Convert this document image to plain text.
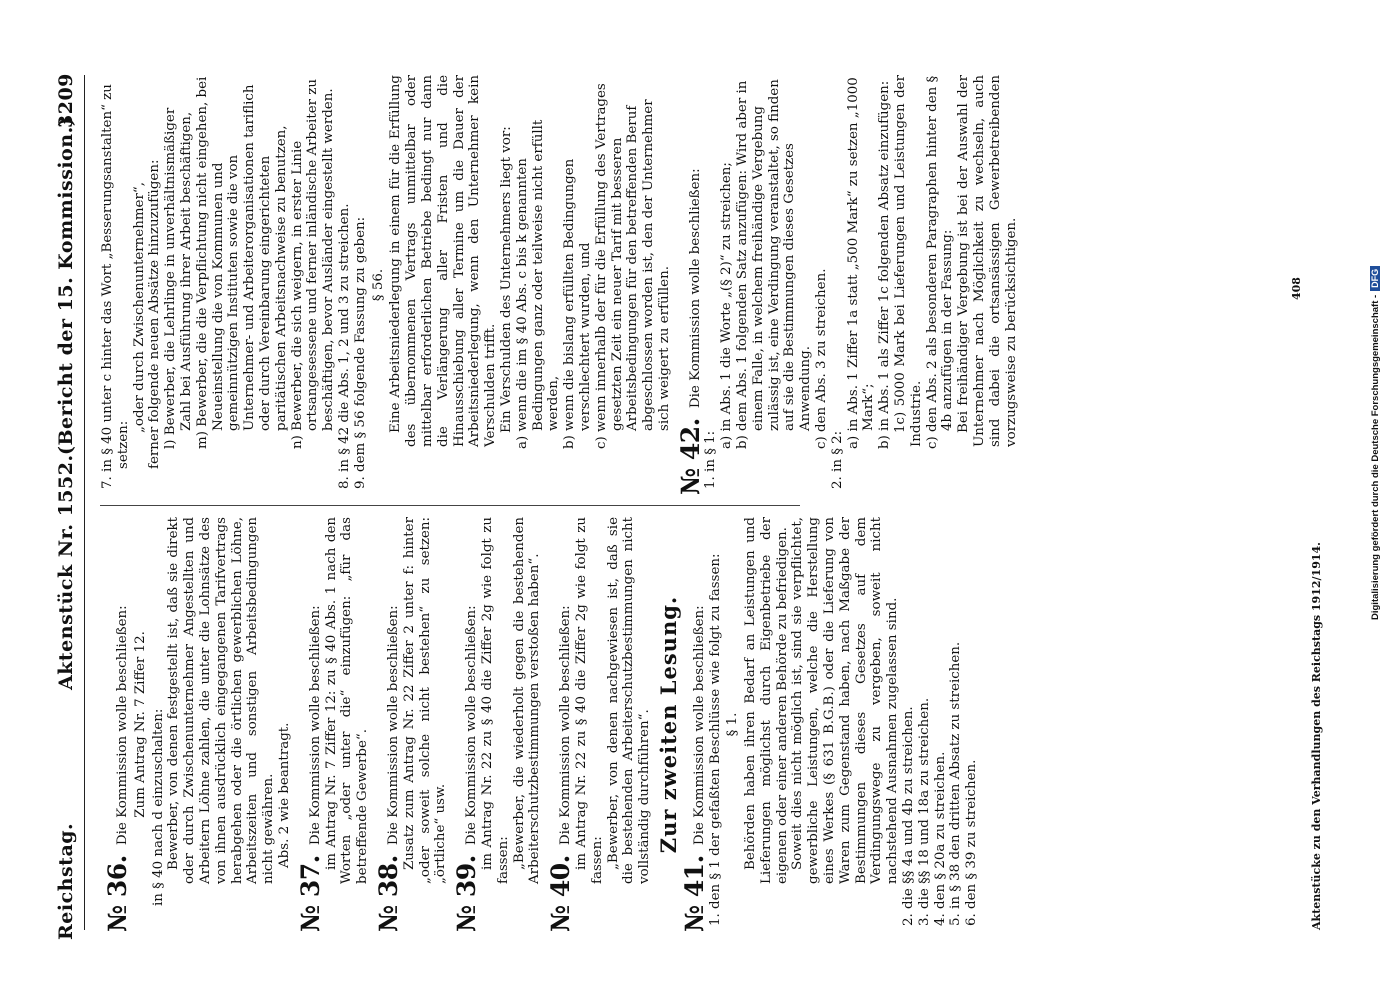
Reichstag.
Aktenstück Nr. 1552.
(Bericht der 15. Kommission.)
3209
№ 36.Die Kommission wolle beschließen: Zum Antrag Nr. 7 Ziffer 12. in § 40 nach d einzuschalten: Bewerber, von denen festgestellt ist, daß sie direkt oder durch Zwischenunternehmer Angestellten und Arbeitern Löhne zahlen, die unter die Lohnsätze des von ihnen ausdrücklich eingegangenen Tarifvertrags herabgehen oder die örtlichen gewerblichen Löhne, Arbeitszeiten und sonstigen Arbeitsbedingungen nicht gewähren. Abs. 2 wie beantragt.
№ 37.Die Kommission wolle beschließen: im Antrag Nr. 7 Ziffer 12: zu § 40 Abs. 1 nach den Worten „oder unter die“ einzufügen: „für das betreffende Gewerbe“.
№ 38.Die Kommission wolle beschließen: Zusatz zum Antrag Nr. 22 Ziffer 2 unter f: hinter „oder soweit solche nicht bestehen“ zu setzen: „örtliche“ usw.
№ 39.Die Kommission wolle beschließen: im Antrag Nr. 22 zu § 40 die Ziffer 2g wie folgt zu fassen: „Bewerber, die wiederholt gegen die bestehenden Arbeiterschutzbestimmungen verstoßen haben“.
№ 40.Die Kommission wolle beschließen: im Antrag Nr. 22 zu § 40 die Ziffer 2g wie folgt zu fassen: „Bewerber, von denen nachgewiesen ist, daß sie die bestehenden Arbeiterschutzbestimmungen nicht vollständig durchführen“. Zur zweiten Lesung.
№ 41.Die Kommission wolle beschließen: 1. den § 1 der gefaßten Beschlüsse wie folgt zu fassen: § 1. Behörden haben ihren Bedarf an Leistungen und Lieferungen möglichst durch Eigenbetriebe der eigenen oder einer anderen Behörde zu befriedigen. Soweit dies nicht möglich ist, sind sie verpflichtet, gewerbliche Leistungen, welche die Herstellung eines Werkes (§ 631 B.G.B.) oder die Lieferung von Waren zum Gegenstand haben, nach Maßgabe der Bestimmungen dieses Gesetzes auf dem Verdingungswege zu vergeben, soweit nicht nachstehend Ausnahmen zugelassen sind. 2. die §§ 4a und 4b zu streichen. 3. die §§ 18 und 18a zu streichen. 4. den § 20a zu streichen. 5. in § 38 den dritten Absatz zu streichen. 6. den § 39 zu streichen.
7. in § 40 unter c hinter das Wort „Besserungsanstalten“ zu setzen:
„oder durch Zwischenunternehmer“, ferner folgende neuen Absätze hinzuzufügen: l) Bewerber, die Lehrlinge in unverhältnismäßiger Zahl bei Ausführung ihrer Arbeit beschäftigen, m) Bewerber, die die Verpflichtung nicht eingehen, bei Neueinstellung die von Kommunen und gemeinnützigen Instituten sowie die von Unternehmer- und Arbeiterorganisationen tariflich oder durch Vereinbarung eingerichteten paritätischen Arbeitsnachweise zu benutzen, n) Bewerber, die sich weigern, in erster Linie ortsangesessene und ferner inländische Arbeiter zu beschäftigen, bevor Ausländer eingestellt werden. 8. in § 42 die Abs. 1, 2 und 3 zu streichen. 9. dem § 56 folgende Fassung zu geben: § 56. Eine Arbeitsniederlegung in einem für die Erfüllung des übernommenen Vertrags unmittelbar oder mittelbar erforderlichen Betriebe bedingt nur dann die Verlängerung aller Fristen und die Hinausschiebung aller Termine um die Dauer der Arbeitsniederlegung, wenn den Unternehmer kein Verschulden trifft. Ein Verschulden des Unternehmers liegt vor: a) wenn die im § 40 Abs. c bis k genannten Bedingungen ganz oder teilweise nicht erfüllt werden, b) wenn die bislang erfüllten Bedingungen verschlechtert wurden, und c) wenn innerhalb der für die Erfüllung des Vertrages gesetzten Zeit ein neuer Tarif mit besseren Arbeitsbedingungen für den betreffenden Beruf abgeschlossen worden ist, den der Unternehmer sich weigert zu erfüllen.
№ 42.Die Kommission wolle beschließen:
1. in § 1:
a) in Abs. 1 die Worte „(§ 2)“ zu streichen; b) dem Abs. 1 folgenden Satz anzufügen: Wird aber in einem Falle, in welchem freihändige Vergebung zulässig ist, eine Verdingung veranstaltet, so finden auf sie die Bestimmungen dieses Gesetzes Anwendung. c) den Abs. 3 zu streichen.
2. in § 2:
a) in Abs. 1 Ziffer 1a statt „500 Mark“ zu setzen „1000 Mark“; b) in Abs. 1 als Ziffer 1c folgenden Absatz einzufügen: 1c) 5000 Mark bei Lieferungen und Leistungen der Industrie. c) den Abs. 2 als besonderen Paragraphen hinter den § 4b anzufügen in der Fassung: Bei freihändiger Vergebung ist bei der Auswahl der Unternehmer nach Möglichkeit zu wechseln, auch sind dabei die ortsansässigen Gewerbetreibenden vorzugsweise zu berücksichtigen.
Aktenstücke zu den Verhandlungen des Reichstags 1912/1914.
408
Digitalisierung gefördert durch die Deutsche Forschungsgemeinschaft -DFG
